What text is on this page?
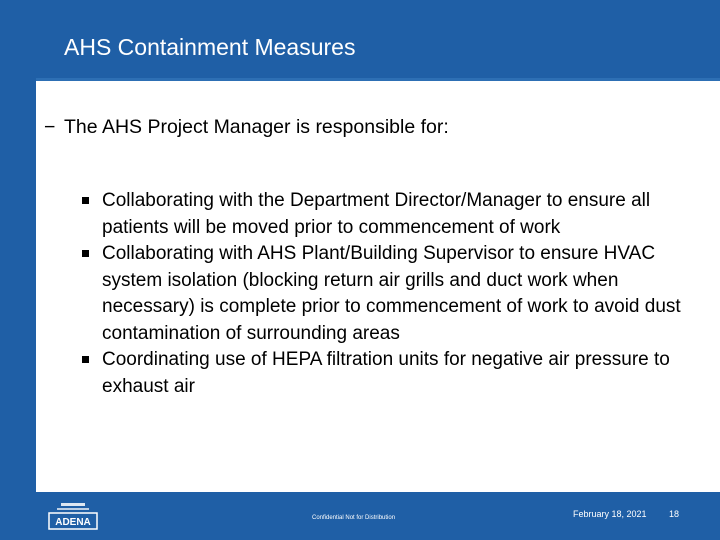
AHS Containment Measures
− The AHS Project Manager is responsible for:
Collaborating with the Department Director/Manager to ensure all patients will be moved prior to commencement of work
Collaborating with AHS Plant/Building Supervisor to ensure HVAC system isolation (blocking return air grills and duct work when necessary) is complete prior to commencement of work to avoid dust contamination of surrounding areas
Coordinating use of HEPA filtration units for negative air pressure to exhaust air
ADENA	Confidential Not for Distribution	February 18, 2021 18
